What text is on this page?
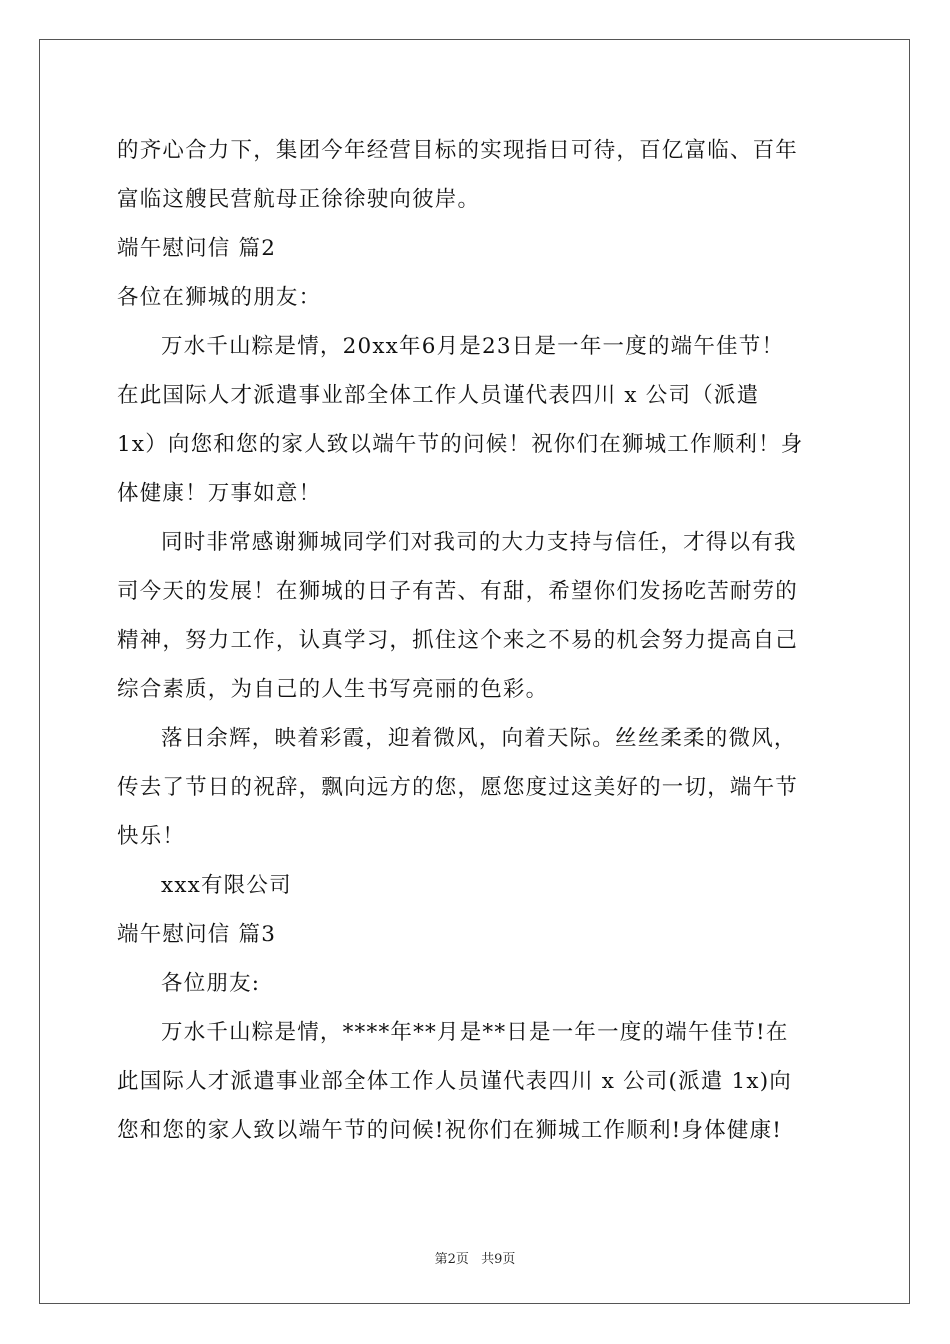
的齐心合力下，集团今年经营目标的实现指日可待，百亿富临、百年
富临这艘民营航母正徐徐驶向彼岸。
端午慰问信 篇2
各位在狮城的朋友：
万水千山粽是情，20xx年6月是23日是一年一度的端午佳节！
在此国际人才派遣事业部全体工作人员谨代表四川 x 公司（派遣
1x）向您和您的家人致以端午节的问候！祝你们在狮城工作顺利！身
体健康！万事如意！
同时非常感谢狮城同学们对我司的大力支持与信任，才得以有我
司今天的发展！在狮城的日子有苦、有甜，希望你们发扬吃苦耐劳的
精神，努力工作，认真学习，抓住这个来之不易的机会努力提高自己
综合素质，为自己的人生书写亮丽的色彩。
落日余辉，映着彩霞，迎着微风，向着天际。丝丝柔柔的微风，
传去了节日的祝辞，飘向远方的您，愿您度过这美好的一切，端午节
快乐！
xxx有限公司
端午慰问信 篇3
各位朋友:
万水千山粽是情，****年**月是**日是一年一度的端午佳节!在
此国际人才派遣事业部全体工作人员谨代表四川 x 公司(派遣 1x)向
您和您的家人致以端午节的问候!祝你们在狮城工作顺利!身体健康!
第2页 共9页
